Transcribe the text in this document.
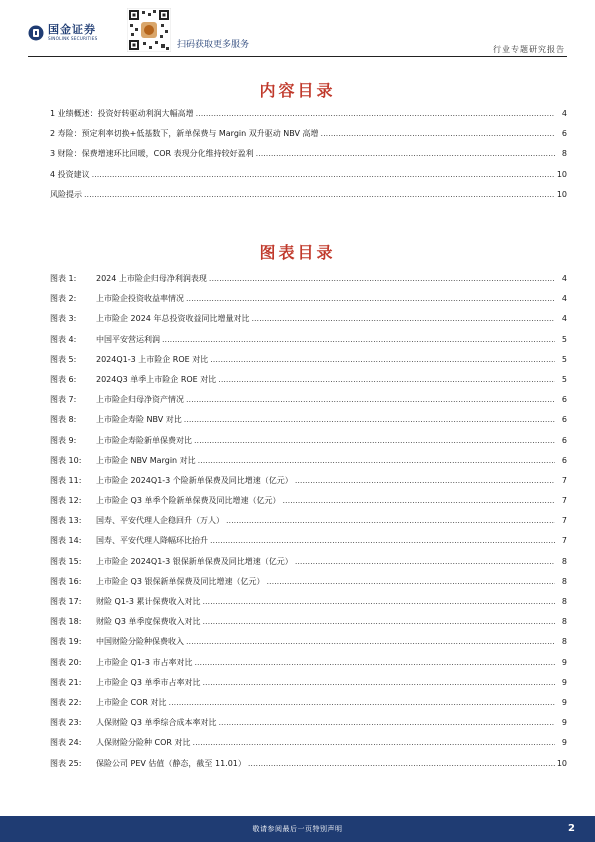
国金证券
SINOLINK SECURITIES
扫码获取更多服务	行业专题研究报告
内容目录
1 业绩概述：投资好转驱动利润大幅高增 .....	4
2 寿险：预定利率切换+低基数下，新单保费与 Margin 双升驱动 NBV 高增 .....	6
3 财险：保费增速环比回暖，COR 表现分化维持较好盈利 .....	8
4 投资建议 .....	10
风险提示 .....	10
图表目录
图表 1:	2024 上市险企归母净利润表现 .....	4
图表 2:	上市险企投资收益率情况 .....	4
图表 3:	上市险企 2024 年总投资收益同比增量对比 .....	4
图表 4:	中国平安营运利润 .....	5
图表 5:	2024Q1-3 上市险企 ROE 对比 .....	5
图表 6:	2024Q3 单季上市险企 ROE 对比 .....	5
图表 7:	上市险企归母净资产情况 .....	6
图表 8:	上市险企寿险 NBV 对比 .....	6
图表 9:	上市险企寿险新单保费对比 .....	6
图表 10:	上市险企 NBV Margin 对比 .....	6
图表 11:	上市险企 2024Q1-3 个险新单保费及同比增速（亿元） .....	7
图表 12:	上市险企 Q3 单季个险新单保费及同比增速（亿元） .....	7
图表 13:	国寿、平安代理人企稳回升（万人） .....	7
图表 14:	国寿、平安代理人降幅环比抬升 .....	7
图表 15:	上市险企 2024Q1-3 银保新单保费及同比增速（亿元） .....	8
图表 16:	上市险企 Q3 银保新单保费及同比增速（亿元） .....	8
图表 17:	财险 Q1-3 累计保费收入对比 .....	8
图表 18:	财险 Q3 单季度保费收入对比 .....	8
图表 19:	中国财险分险种保费收入 .....	8
图表 20:	上市险企 Q1-3 市占率对比 .....	9
图表 21:	上市险企 Q3 单季市占率对比 .....	9
图表 22:	上市险企 COR 对比 .....	9
图表 23:	人保财险 Q3 单季综合成本率对比 .....	9
图表 24:	人保财险分险种 COR 对比 .....	9
图表 25:	保险公司 PEV 估值（静态，截至 11.01） .....	10
敬请参阅最后一页特别声明	2
